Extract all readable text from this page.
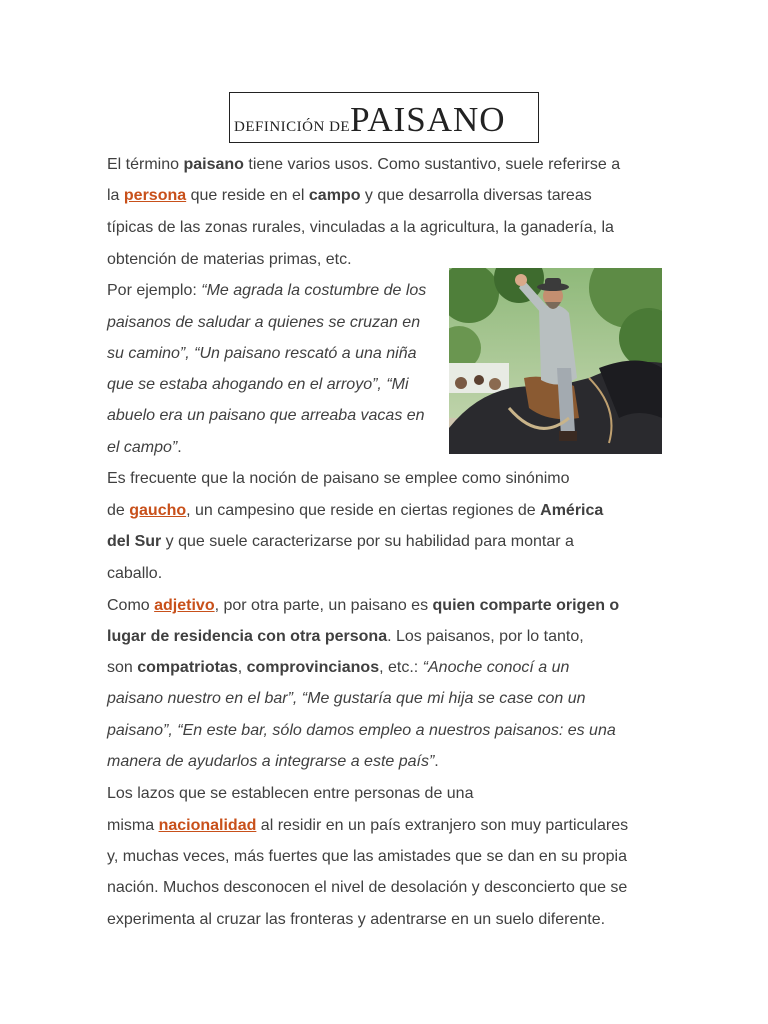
DEFINICIÓN DE PAISANO
El término paisano tiene varios usos. Como sustantivo, suele referirse a
la persona que reside en el campo y que desarrolla diversas tareas
típicas de las zonas rurales, vinculadas a la agricultura, la ganadería, la
obtención de materias primas, etc.
Por ejemplo: “Me agrada la costumbre de los
paisanos de saludar a quienes se cruzan en
su camino”, “Un paisano rescató a una niña
que se estaba ahogando en el arroyo”, “Mi
abuelo era un paisano que arreaba vacas en
el campo”.
Es frecuente que la noción de paisano se emplee como sinónimo
de gaucho, un campesino que reside en ciertas regiones de América
del Sur y que suele caracterizarse por su habilidad para montar a
caballo.
Como adjetivo, por otra parte, un paisano es quien comparte origen o
lugar de residencia con otra persona. Los paisanos, por lo tanto,
son compatriotas, comprovincianos, etc.: “Anoche conocí a un
paisano nuestro en el bar”, “Me gustaría que mi hija se case con un
paisano”, “En este bar, sólo damos empleo a nuestros paisanos: es una
manera de ayudarlos a integrarse a este país”.
Los lazos que se establecen entre personas de una
misma nacionalidad al residir en un país extranjero son muy particulares
y, muchas veces, más fuertes que las amistades que se dan en su propia
nación. Muchos desconocen el nivel de desolación y desconcierto que se
experimenta al cruzar las fronteras y adentrarse en un suelo diferente.
